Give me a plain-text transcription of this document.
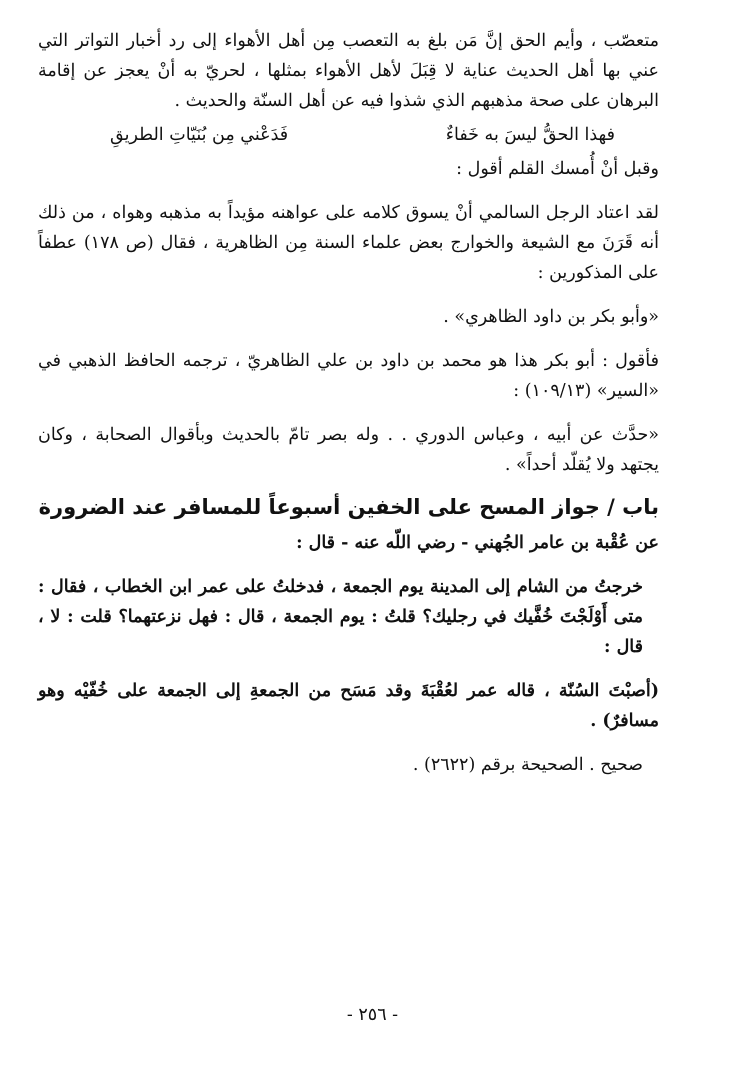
متعصّب ، وأيم الحق إنَّ مَن بلغ به التعصب مِن أهل الأهواء إلى رد أخبار التواتر التي عني بها أهل الحديث عناية لا قِبَلَ لأهل الأهواء بمثلها ، لحريّ به أنْ يعجز عن إقامة البرهان على صحة مذهبهم الذي شذوا فيه عن أهل السنّة والحديث .

فهذا الحقُّ ليسَ به خَفاءٌ
فَدَعْني مِن بُنَيّاتِ الطريقِ

وقبل أنْ أُمسك القلم أقول :

لقد اعتاد الرجل السالمي أنْ يسوق كلامه على عواهنه مؤيداً به مذهبه وهواه ، من ذلك أنه قَرَنَ مع الشيعة والخوارج بعض علماء السنة مِن الظاهرية ، فقال (ص ١٧٨) عطفاً على المذكورين :

«وأبو بكر بن داود الظاهري» .

فأقول : أبو بكر هذا هو محمد بن داود بن علي الظاهريّ ، ترجمه الحافظ الذهبي في «السير» (١٠٩/١٣) :

«حدَّث عن أبيه ، وعباس الدوري . . وله بصر تامّ بالحديث وبأقوال الصحابة ، وكان يجتهد ولا يُقلّد أحداً» .

باب / جواز المسح على الخفين أسبوعاً للمسافر عند الضرورة

عن عُقْبة بن عامر الجُهني - رضي اللّه عنه - قال :

خرجتُ من الشام إلى المدينة يوم الجمعة ، فدخلتُ على عمر ابن الخطاب ، فقال : متى أَوْلَجْتَ خُفَّيك في رجليك؟ قلتُ : يوم الجمعة ، قال : فهل نزعتهما؟ قلت : لا ، قال :

(أصبْتَ السُنّة ، قاله عمر لعُقْبَةَ وقد مَسَح من الجمعةِ إلى الجمعة على خُفّيْه وهو مسافرٌ) .

صحيح . الصحيحة برقم (٢٦٢٢) .

- ٢٥٦ -
